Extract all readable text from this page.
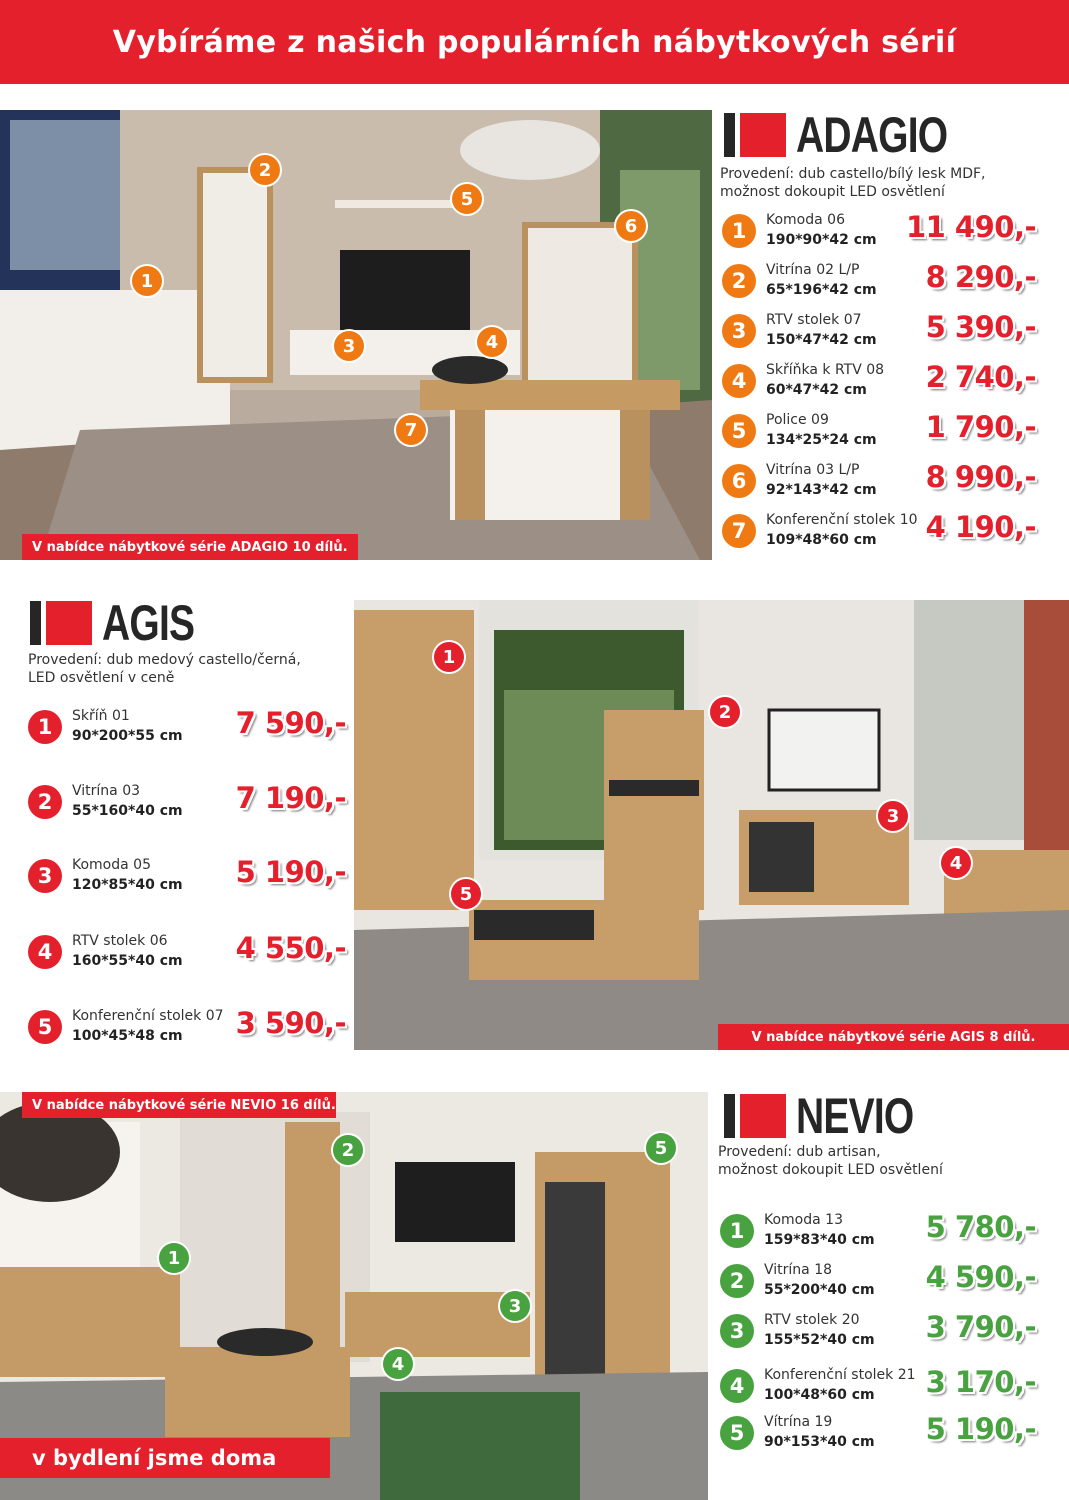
Vybíráme z našich populárních nábytkových sérií
1
2
3	4
5
6
7
V nabídce nábytkové série ADAGIO 10 dílů.
ADAGIO
Provedení: dub castello/bílý lesk MDF,
možnost dokoupit LED osvětlení
1	Komoda 06
190*90*42 cm 11 490,-
2	Vitrína 02 L/P
65*196*42 cm 8 290,-
3	RTV stolek 07
150*47*42 cm 5 390,-
4	Skříňka k RTV 08
60*47*42 cm 2 740,-
5	Police 09
134*25*24 cm 1 790,-
6	Vitrína 03 L/P
92*143*42 cm 8 990,-
7	Konferenční stolek 10
109*48*60 cm 4 190,-
AGIS
Provedení: dub medový castello/černá,
LED osvětlení v ceně
1	Skříň 01
90*200*55 cm 7 590,-
2	Vitrína 03
55*160*40 cm 7 190,-
3	Komoda 05
120*85*40 cm 5 190,-
4	RTV stolek 06
160*55*40 cm 4 550,-
5	Konferenční stolek 07
100*45*48 cm 3 590,-
1
2
3
4
5
V nabídce nábytkové série AGIS 8 dílů.
V nabídce nábytkové série NEVIO 16 dílů.
1
2
3
4
5
NEVIO
Provedení: dub artisan,
možnost dokoupit LED osvětlení
1	Komoda 13
159*83*40 cm 5 780,-
2	Vitrína 18
55*200*40 cm 4 590,-
3	RTV stolek 20
155*52*40 cm 3 790,-
4	Konferenční stolek 21
100*48*60 cm 3 170,-
5	Vítrína 19
90*153*40 cm 5 190,-
v bydlení jsme doma
